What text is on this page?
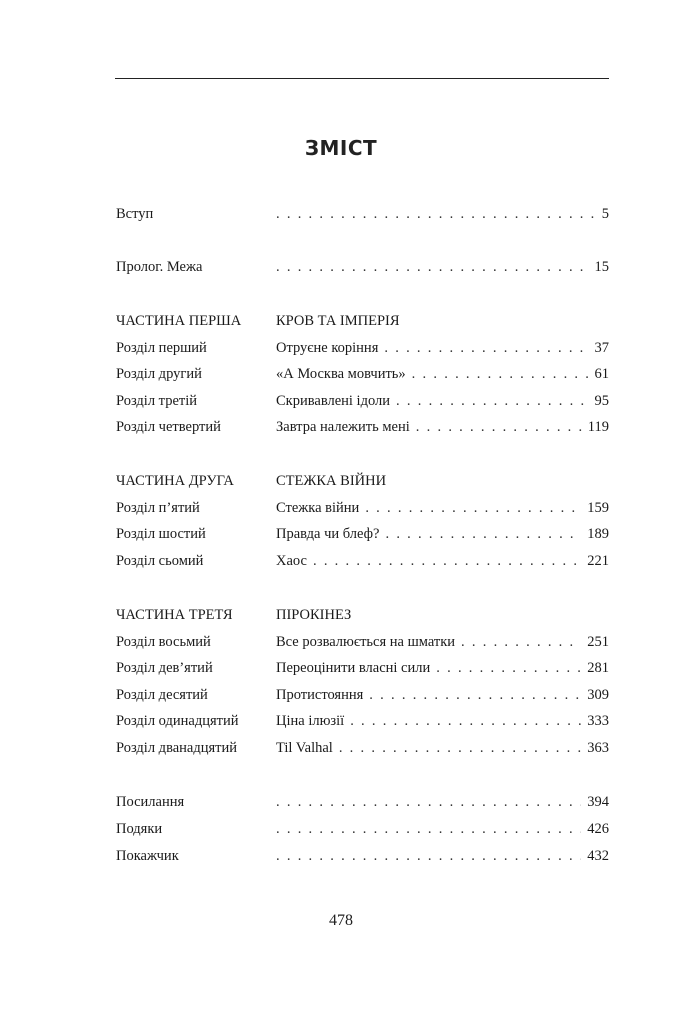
ЗМІСТ
Вступ . . .	5
Пролог. Межа . . .	15
ЧАСТИНА ПЕРША КРОВ ТА ІМПЕРІЯ
Розділ перший	Отруєне коріння . . .	37
Розділ другий	«А Москва мовчить» . . .	61
Розділ третій	Скривавлені ідоли . . .	95
Розділ четвертий	Завтра належить мені . . .	119
ЧАСТИНА ДРУГА	СТЕЖКА ВІЙНИ
Розділ п’ятий	Стежка війни . . .	159
Розділ шостий	Правда чи блеф? . . .	189
Розділ сьомий	Хаос . . .	221
ЧАСТИНА ТРЕТЯ	ПІРОКІНЕЗ
Розділ восьмий	Все розвалюється на шматки . . .	251
Розділ дев’ятий	Переоцінити власні сили . . .	281
Розділ десятий	Протистояння . . .	309
Розділ одинадцятий	Ціна ілюзії . . .	333
Розділ дванадцятий	Til Valhal . . .	363
Посилання . . .	394
Подяки . . .	426
Покажчик . . .	432
478
